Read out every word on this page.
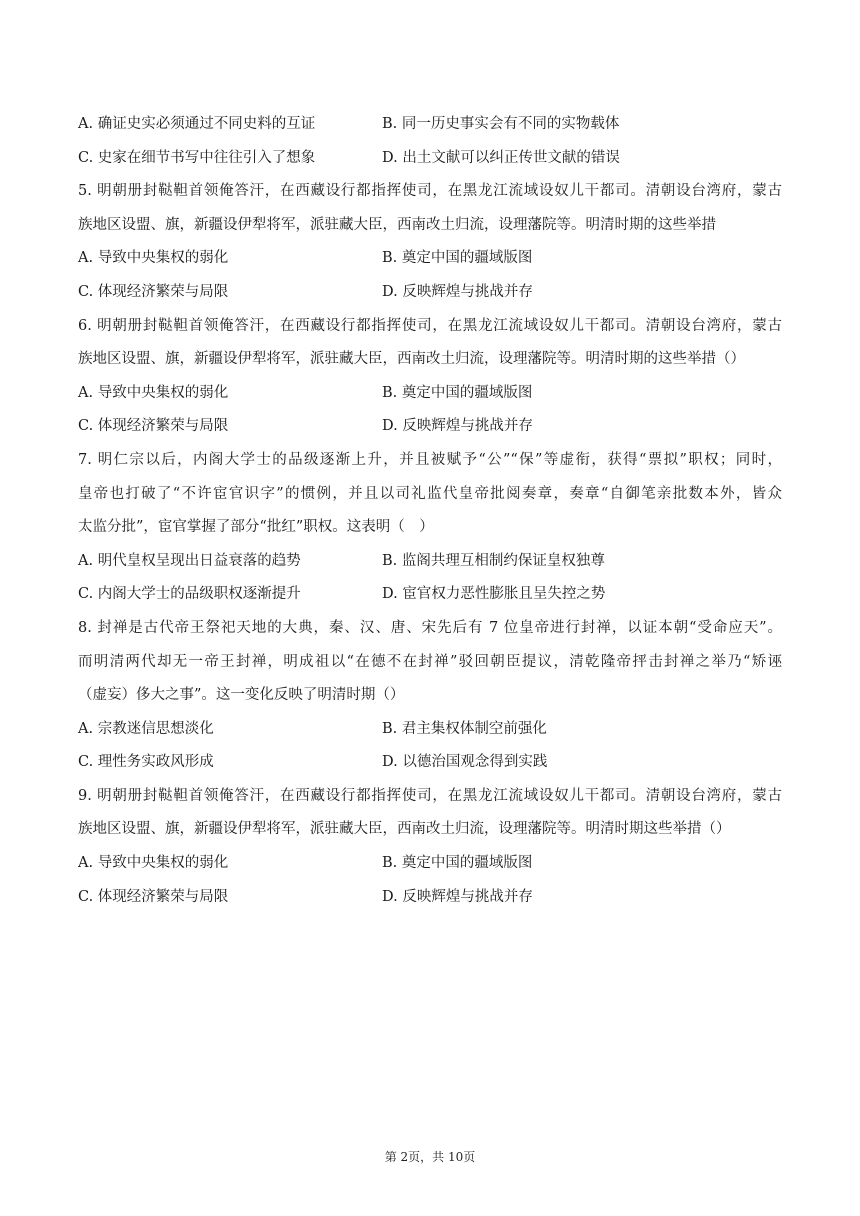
A. 确证史实必须通过不同史料的互证	B. 同一历史事实会有不同的实物载体
C. 史家在细节书写中往往引入了想象	D. 出土文献可以纠正传世文献的错误
5. 明朝册封鞑靼首领俺答汗，在西藏设行都指挥使司，在黑龙江流域设奴儿干都司。清朝设台湾府，蒙古
族地区设盟、旗，新疆设伊犁将军，派驻藏大臣，西南改土归流，设理藩院等。明清时期的这些举措
A. 导致中央集权的弱化	B. 奠定中国的疆域版图
C. 体现经济繁荣与局限	D. 反映辉煌与挑战并存
6. 明朝册封鞑靼首领俺答汗，在西藏设行都指挥使司，在黑龙江流域设奴儿干都司。清朝设台湾府，蒙古
族地区设盟、旗，新疆设伊犁将军，派驻藏大臣，西南改土归流，设理藩院等。明清时期的这些举措（）
A. 导致中央集权的弱化	B. 奠定中国的疆域版图
C. 体现经济繁荣与局限	D. 反映辉煌与挑战并存
7. 明仁宗以后，内阁大学士的品级逐渐上升，并且被赋予“公”“保”等虚衔，获得“票拟”职权；同时，
皇帝也打破了“不许宦官识字”的惯例，并且以司礼监代皇帝批阅奏章，奏章“自御笔亲批数本外，皆众
太监分批”，宦官掌握了部分“批红”职权。这表明（　）
A. 明代皇权呈现出日益衰落的趋势	B. 监阁共理互相制约保证皇权独尊
C. 内阁大学士的品级职权逐渐提升	D. 宦官权力恶性膨胀且呈失控之势
8. 封禅是古代帝王祭祀天地的大典，秦、汉、唐、宋先后有 7 位皇帝进行封禅，以证本朝“受命应天”。
而明清两代却无一帝王封禅，明成祖以“在德不在封禅”驳回朝臣提议，清乾隆帝抨击封禅之举乃“矫诬
（虚妄）侈大之事”。这一变化反映了明清时期（）
A. 宗教迷信思想淡化	B. 君主集权体制空前强化
C. 理性务实政风形成	D. 以德治国观念得到实践
9. 明朝册封鞑靼首领俺答汗，在西藏设行都指挥使司，在黑龙江流域设奴儿干都司。清朝设台湾府，蒙古
族地区设盟、旗，新疆设伊犁将军，派驻藏大臣，西南改土归流，设理藩院等。明清时期这些举措（）
A. 导致中央集权的弱化	B. 奠定中国的疆域版图
C. 体现经济繁荣与局限	D. 反映辉煌与挑战并存
第 2页，共 10页
